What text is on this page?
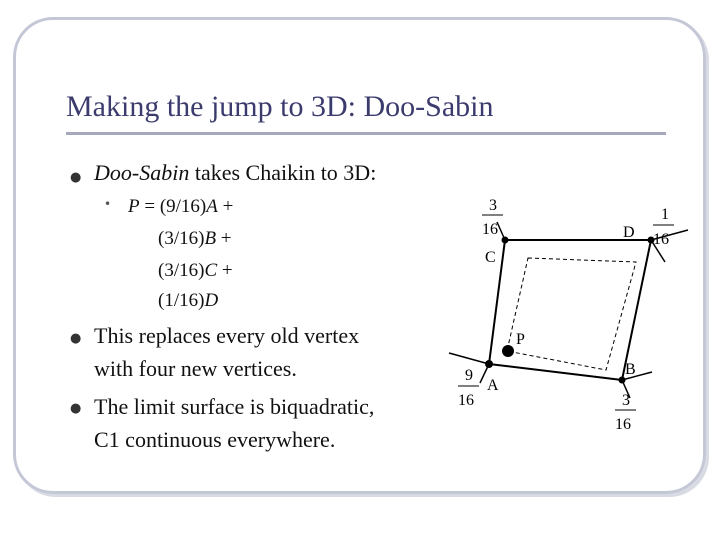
Making the jump to 3D: Doo-Sabin
● Doo-Sabin takes Chaikin to 3D:
• P = (9/16)A +
(3/16)B +
(3/16)C +
(1/16)D
● This replaces every old vertex
with four new vertices.
● The limit surface is biquadratic,
C1 continuous everywhere.
C
D
A
B
P
3
16
1
16
9
16	3
16
